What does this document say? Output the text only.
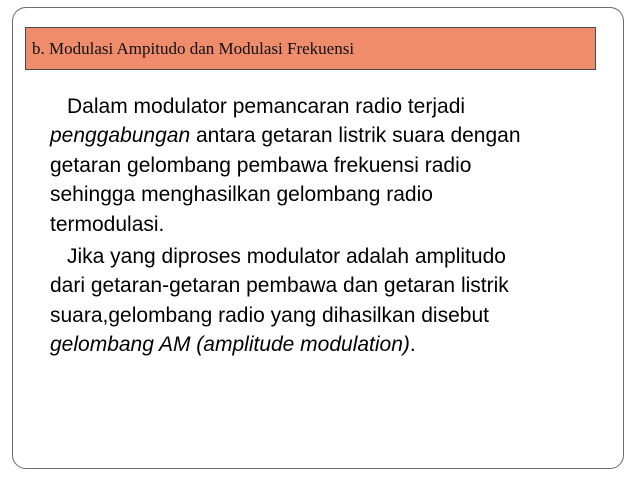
b. Modulasi Ampitudo dan Modulasi Frekuensi

Dalam modulator pemancaran radio terjadi
penggabungan antara getaran listrik suara dengan
getaran gelombang pembawa frekuensi radio
sehingga menghasilkan gelombang radio
termodulasi.

Jika yang diproses modulator adalah amplitudo
dari getaran-getaran pembawa dan getaran listrik
suara,gelombang radio yang dihasilkan disebut
gelombang AM (amplitude modulation).
